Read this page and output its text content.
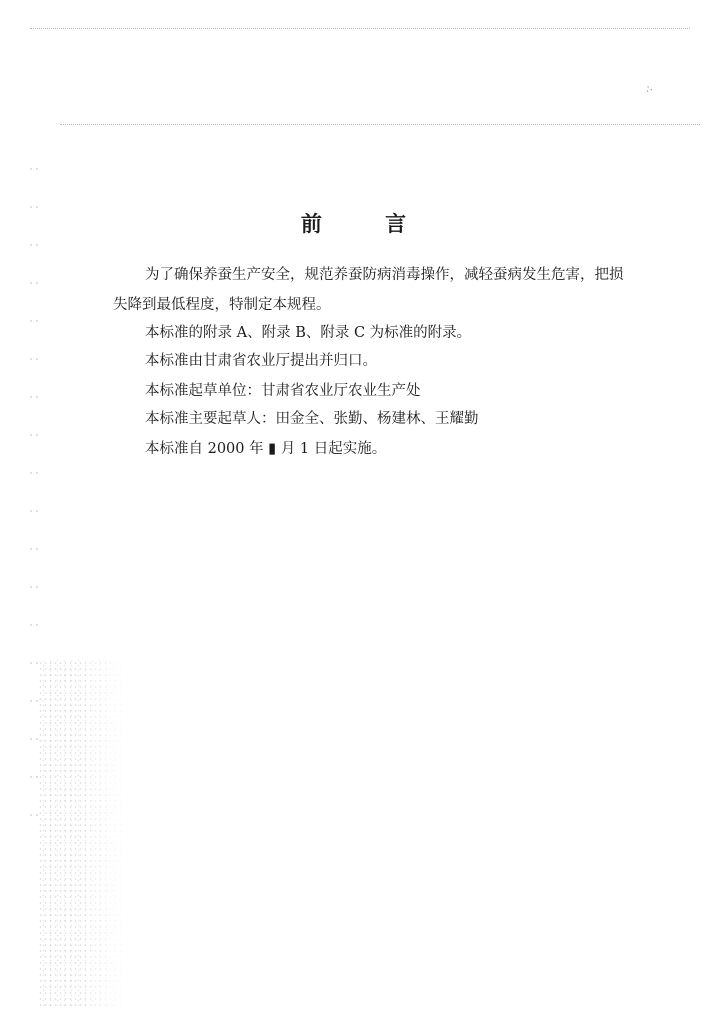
∴
前 言
为了确保养蚕生产安全，规范养蚕防病消毒操作，减轻蚕病发生危害，把损
失降到最低程度，特制定本规程。
本标准的附录 A、附录 B、附录 C 为标准的附录。
本标准由甘肃省农业厅提出并归口。
本标准起草单位：甘肃省农业厅农业生产处
本标准主要起草人：田金全、张勤、杨建林、王耀勤
本标准自 2000 年 ▮ 月 1 日起实施。
